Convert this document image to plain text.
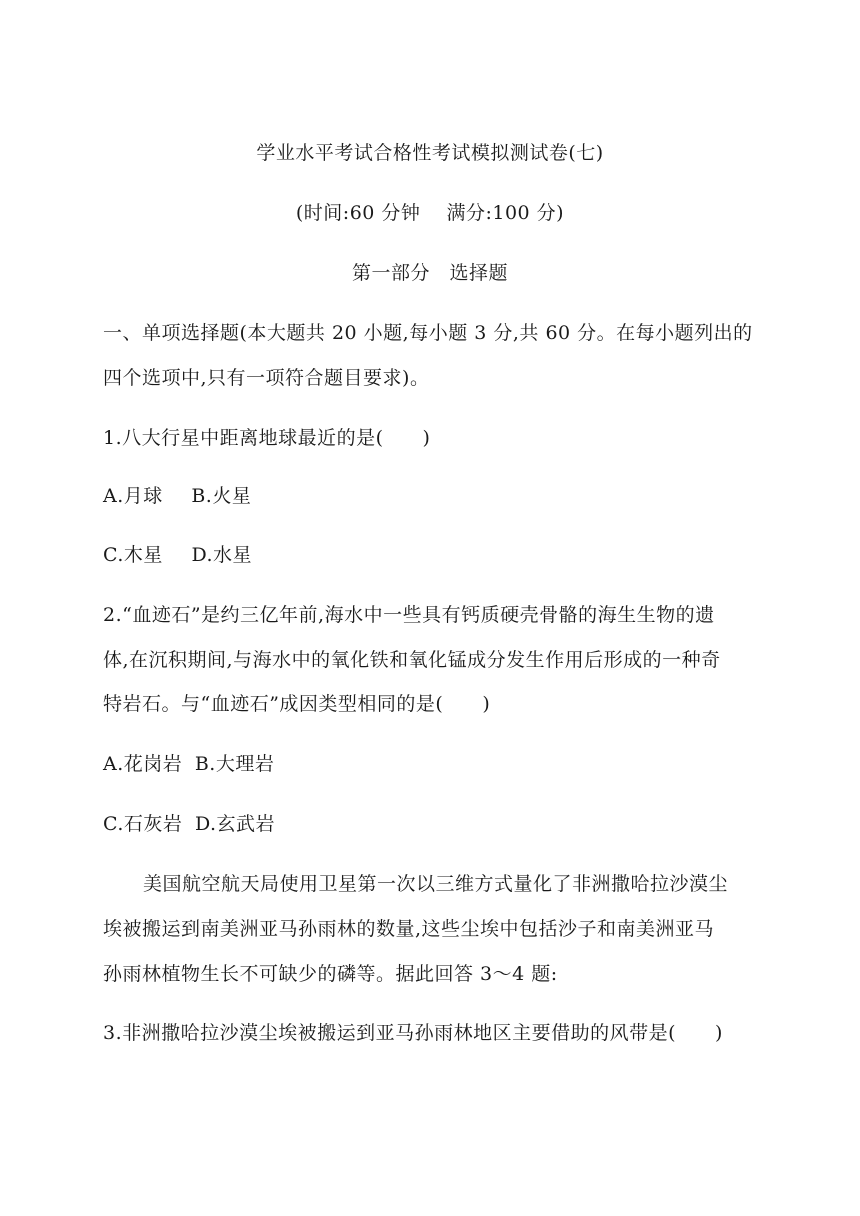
学业水平考试合格性考试模拟测试卷(七)
(时间:60 分钟　 满分:100 分)
第一部分　选择题
一、单项选择题(本大题共 20 小题,每小题 3 分,共 60 分。在每小题列出的
四个选项中,只有一项符合题目要求)。
1.八大行星中距离地球最近的是(　　)
A.月球 B.火星
C.木星 D.水星
2.“血迹石”是约三亿年前,海水中一些具有钙质硬壳骨骼的海生生物的遗
体,在沉积期间,与海水中的氧化铁和氧化锰成分发生作用后形成的一种奇
特岩石。与“血迹石”成因类型相同的是(　　)
A.花岗岩 B.大理岩
C.石灰岩 D.玄武岩
美国航空航天局使用卫星第一次以三维方式量化了非洲撒哈拉沙漠尘
埃被搬运到南美洲亚马孙雨林的数量,这些尘埃中包括沙子和南美洲亚马
孙雨林植物生长不可缺少的磷等。据此回答 3～4 题:
3.非洲撒哈拉沙漠尘埃被搬运到亚马孙雨林地区主要借助的风带是(　　)
